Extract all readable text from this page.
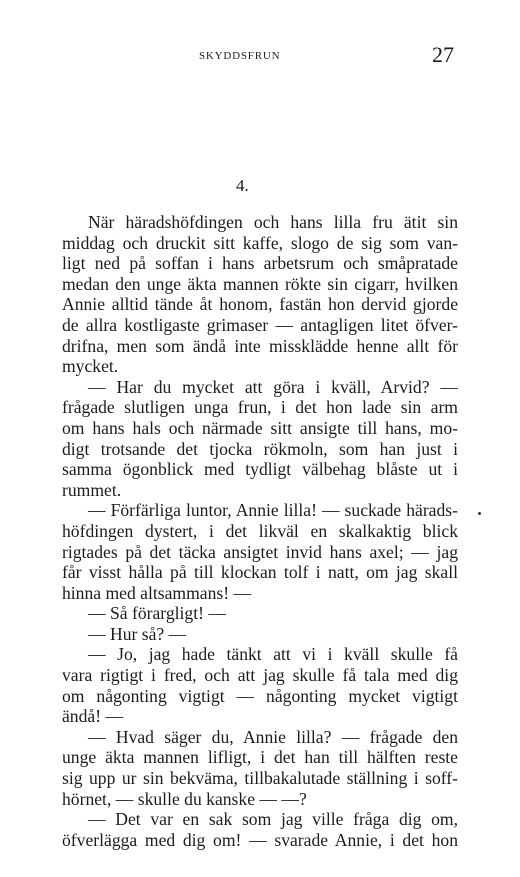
SKYDDSFRUN	27
4.
När häradshöfdingen och hans lilla fru ätit sin
middag och druckit sitt kaffe, slogo de sig som van-
ligt ned på soffan i hans arbetsrum och småpratade
medan den unge äkta mannen rökte sin cigarr, hvilken
Annie alltid tände åt honom, fastän hon dervid gjorde
de allra kostligaste grimaser — antagligen litet öfver-
drifna, men som ändå inte missklädde henne allt för
mycket.
— Har du mycket att göra i kväll, Arvid? —
frågade slutligen unga frun, i det hon lade sin arm
om hans hals och närmade sitt ansigte till hans, mo-
digt trotsande det tjocka rökmoln, som han just i
samma ögonblick med tydligt välbehag blåste ut i
rummet.
— Förfärliga luntor, Annie lilla! — suckade härads-
höfdingen dystert, i det likväl en skalkaktig blick
rigtades på det täcka ansigtet invid hans axel; — jag
får visst hålla på till klockan tolf i natt, om jag skall
hinna med altsammans! —
— Så förargligt! —
— Hur så? —
— Jo, jag hade tänkt att vi i kväll skulle få
vara rigtigt i fred, och att jag skulle få tala med dig
om någonting vigtigt — någonting mycket vigtigt
ändå! —
— Hvad säger du, Annie lilla? — frågade den
unge äkta mannen lifligt, i det han till hälften reste
sig upp ur sin bekväma, tillbakalutade ställning i soff-
hörnet, — skulle du kanske — —?
— Det var en sak som jag ville fråga dig om,
öfverlägga med dig om! — svarade Annie, i det hon
